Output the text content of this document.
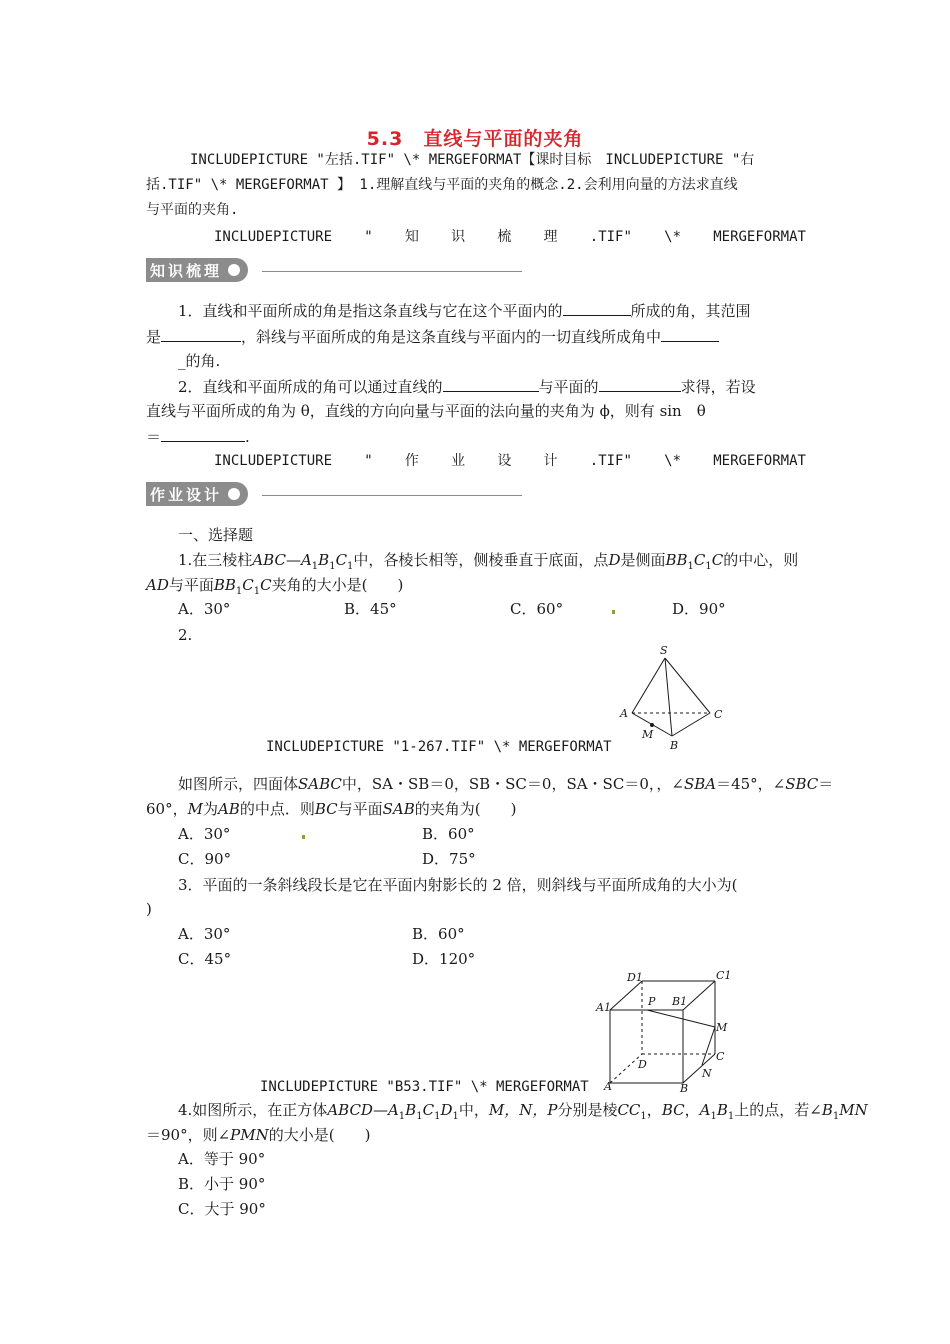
5.3　直线与平面的夹角
INCLUDEPICTURE "左括.TIF" \* MERGEFORMAT【课时目标　INCLUDEPICTURE "右
括.TIF" \* MERGEFORMAT 】 1.理解直线与平面的夹角的概念.2.会利用向量的方法求直线
与平面的夹角.
INCLUDEPICTURE " 知 识 梳 理 .TIF" \* MERGEFORMAT
知识梳理
1．直线和平面所成的角是指这条直线与它在这个平面内的	所成的角，其范围
是	，斜线与平面所成的角是这条直线与平面内的一切直线所成角中
_的角.
2．直线和平面所成的角可以通过直线的	与平面的	求得，若设
直线与平面所成的角为 θ，直线的方向向量与平面的法向量的夹角为 ϕ，则有 sin　θ
＝	.
INCLUDEPICTURE " 作 业 设 计 .TIF" \* MERGEFORMAT
作业设计
一、选择题
1.在三棱柱$ABC—A_1B_1C_1$中，各棱长相等，侧棱垂直于底面，点D是侧面$BB_1C_1C$的中心，则
AD与平面$BB_1C_1C$夹角的大小是(　　)
A．30°	B．45°	C．60°	D．90°
2.
S
A	C
M
B
INCLUDEPICTURE "1-267.TIF" \* MERGEFORMAT
如图所示，四面体SABC中，SA・SB＝0，SB・SC＝0，SA・SC＝0，，∠SBA＝45°，∠SBC＝
60°，M为AB的中点．则BC与平面SAB的夹角为(　　)
A．30°	B．60°
C．90°	D．75°
3．平面的一条斜线段长是它在平面内射影长的 2 倍，则斜线与平面所成角的大小为(
)
A．30°	B．60°
C．45°	D．120°
D1	C1
A1	P B1
M
C
D
N
A	B
INCLUDEPICTURE "B53.TIF" \* MERGEFORMAT
4.如图所示，在正方体$ABCD—A_1B_1C_1D_1$中，M，N，P分别是棱$CC_1$，BC，$A_1B_1$上的点，若$\angle B_1MN$
＝90°，则∠PMN的大小是(　　)
A．等于 90°
B．小于 90°
C．大于 90°
